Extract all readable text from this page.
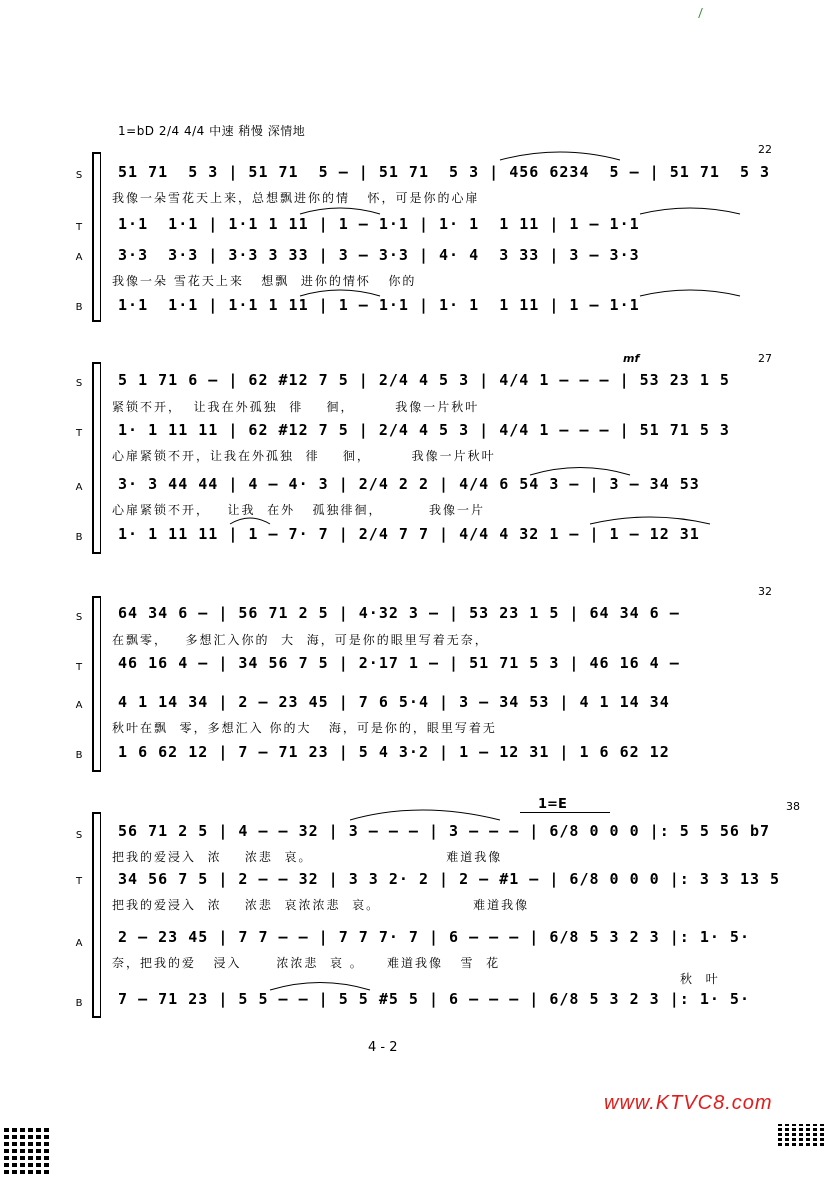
1=bD 2/4 4/4 中速 稍慢 深情地
22
S
T
A
B
51 71  5 3 | 51 71  5 – | 51 71  5 3 | 456 6234  5 – | 51 71  5 3
我像一朵雪花天上来，总想飘进你的情   怀，可是你的心扉
1·1  1·1 | 1·1 1 11 | 1 – 1·1 | 1· 1  1 11 | 1 – 1·1
3·3  3·3 | 3·3 3 33 | 3 – 3·3 | 4· 4  3 33 | 3 – 3·3
我像一朵 雪花天上来   想飘  进你的情怀   你的
1·1  1·1 | 1·1 1 11 | 1 – 1·1 | 1· 1  1 11 | 1 – 1·1
mf	27
S
T
A
B
5 1 71 6 – | 62 #12 7 5 | 2/4 4 5 3 | 4/4 1 – – – | 53 23 1 5
紧锁不开，  让我在外孤独  徘    徊，       我像一片秋叶
1· 1 11 11 | 62 #12 7 5 | 2/4 4 5 3 | 4/4 1 – – – | 51 71 5 3
心扉紧锁不开，让我在外孤独  徘    徊，       我像一片秋叶
3· 3 44 44 | 4 – 4· 3 | 2/4 2 2 | 4/4 6 54 3 – | 3 – 34 53
心扉紧锁不开，   让我  在外   孤独徘徊，        我像一片
1· 1 11 11 | 1 – 7· 7 | 2/4 7 7 | 4/4 4 32 1 – | 1 – 12 31
32
S
T
A
B
64 34 6 – | 56 71 2 5 | 4·32 3 – | 53 23 1 5 | 64 34 6 –
在飘零，   多想汇入你的  大  海，可是你的眼里写着无奈，
46 16 4 – | 34 56 7 5 | 2·17 1 – | 51 71 5 3 | 46 16 4 –
4 1 14 34 | 2 – 23 45 | 7 6 5·4 | 3 – 34 53 | 4 1 14 34
秋叶在飘  零，多想汇入 你的大   海，可是你的，眼里写着无
1 6 62 12 | 7 – 71 23 | 5 4 3·2 | 1 – 12 31 | 1 6 62 12
1=E	38
S
T
A
B
56 71 2 5 | 4 – – 32 | 3 – – – | 3 – – – | 6/8 0 0 0 |: 5 5 56 b7
把我的爱浸入  浓    浓悲  哀。                       难道我像
34 56 7 5 | 2 – – 32 | 3 3 2· 2 | 2 – #1 – | 6/8 0 0 0 |: 3 3 13 5
把我的爱浸入  浓    浓悲  哀浓浓悲  哀。                难道我像
2 – 23 45 | 7 7 – – | 7 7 7· 7 | 6 – – – | 6/8 5 3 2 3 |: 1· 5·
奈，把我的爱   浸入      浓浓悲  哀 。    难道我像   雪  花
秋  叶
7 – 71 23 | 5 5 – – | 5 5 #5 5 | 6 – – – | 6/8 5 3 2 3 |: 1· 5·
4 - 2
www.KTVC8.com
